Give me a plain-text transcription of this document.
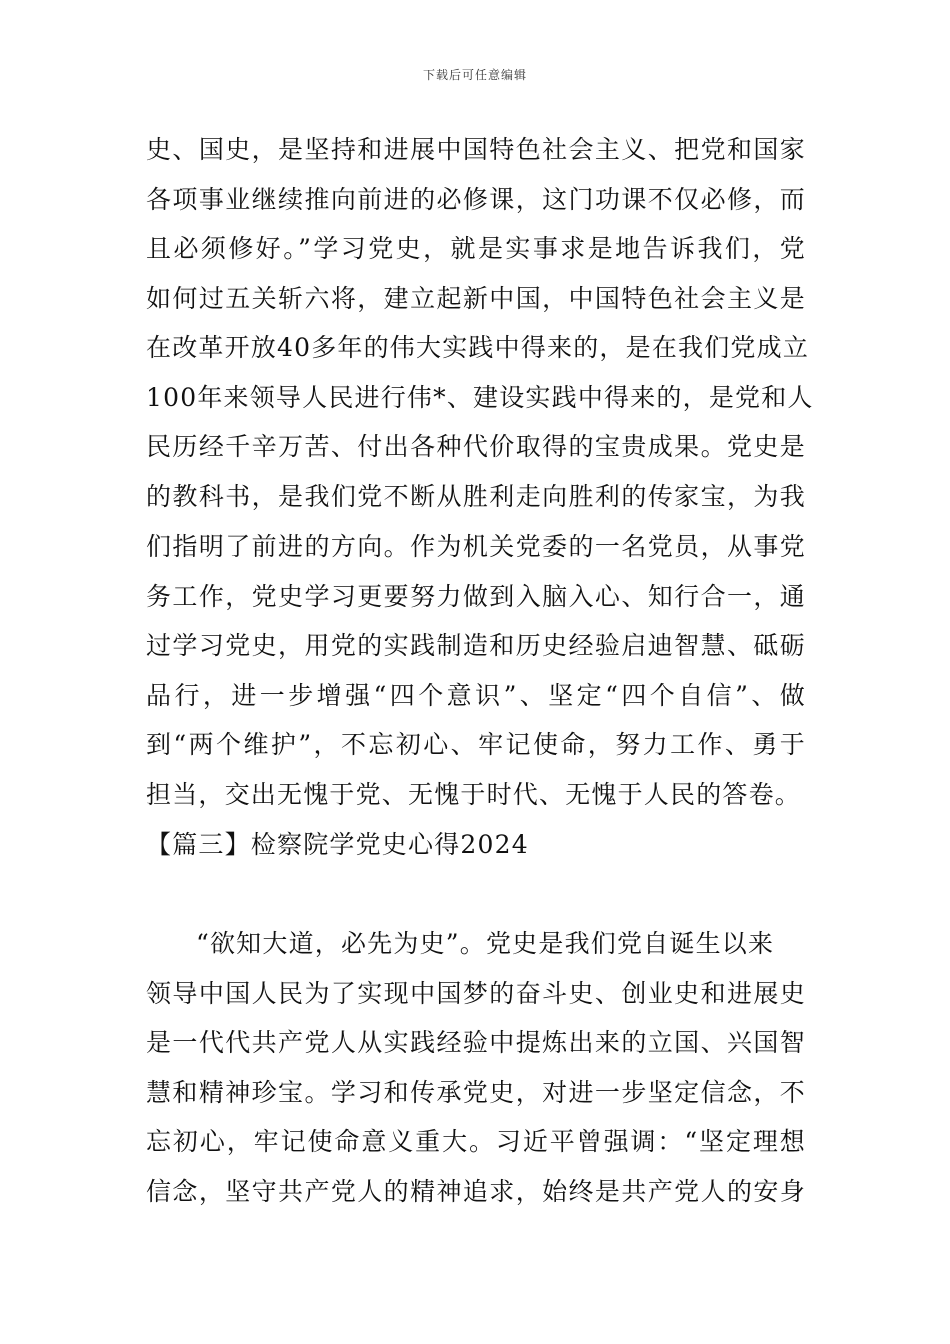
下载后可任意编辑
史、国史，是坚持和进展中国特色社会主义、把党和国家
各项事业继续推向前进的必修课，这门功课不仅必修，而
且必须修好。”学习党史，就是实事求是地告诉我们，党
如何过五关斩六将，建立起新中国，中国特色社会主义是
在改革开放40多年的伟大实践中得来的，是在我们党成立
100年来领导人民进行伟*、建设实践中得来的，是党和人
民历经千辛万苦、付出各种代价取得的宝贵成果。党史是
的教科书，是我们党不断从胜利走向胜利的传家宝，为我
们指明了前进的方向。作为机关党委的一名党员，从事党
务工作，党史学习更要努力做到入脑入心、知行合一，通
过学习党史，用党的实践制造和历史经验启迪智慧、砥砺
品行，进一步增强“四个意识”、坚定“四个自信”、做
到“两个维护”，不忘初心、牢记使命，努力工作、勇于
担当，交出无愧于党、无愧于时代、无愧于人民的答卷。
【篇三】检察院学党史心得2024
“欲知大道，必先为史”。党史是我们党自诞生以来
领导中国人民为了实现中国梦的奋斗史、创业史和进展史
是一代代共产党人从实践经验中提炼出来的立国、兴国智
慧和精神珍宝。学习和传承党史，对进一步坚定信念，不
忘初心，牢记使命意义重大。习近平曾强调：“坚定理想
信念，坚守共产党人的精神追求，始终是共产党人的安身
